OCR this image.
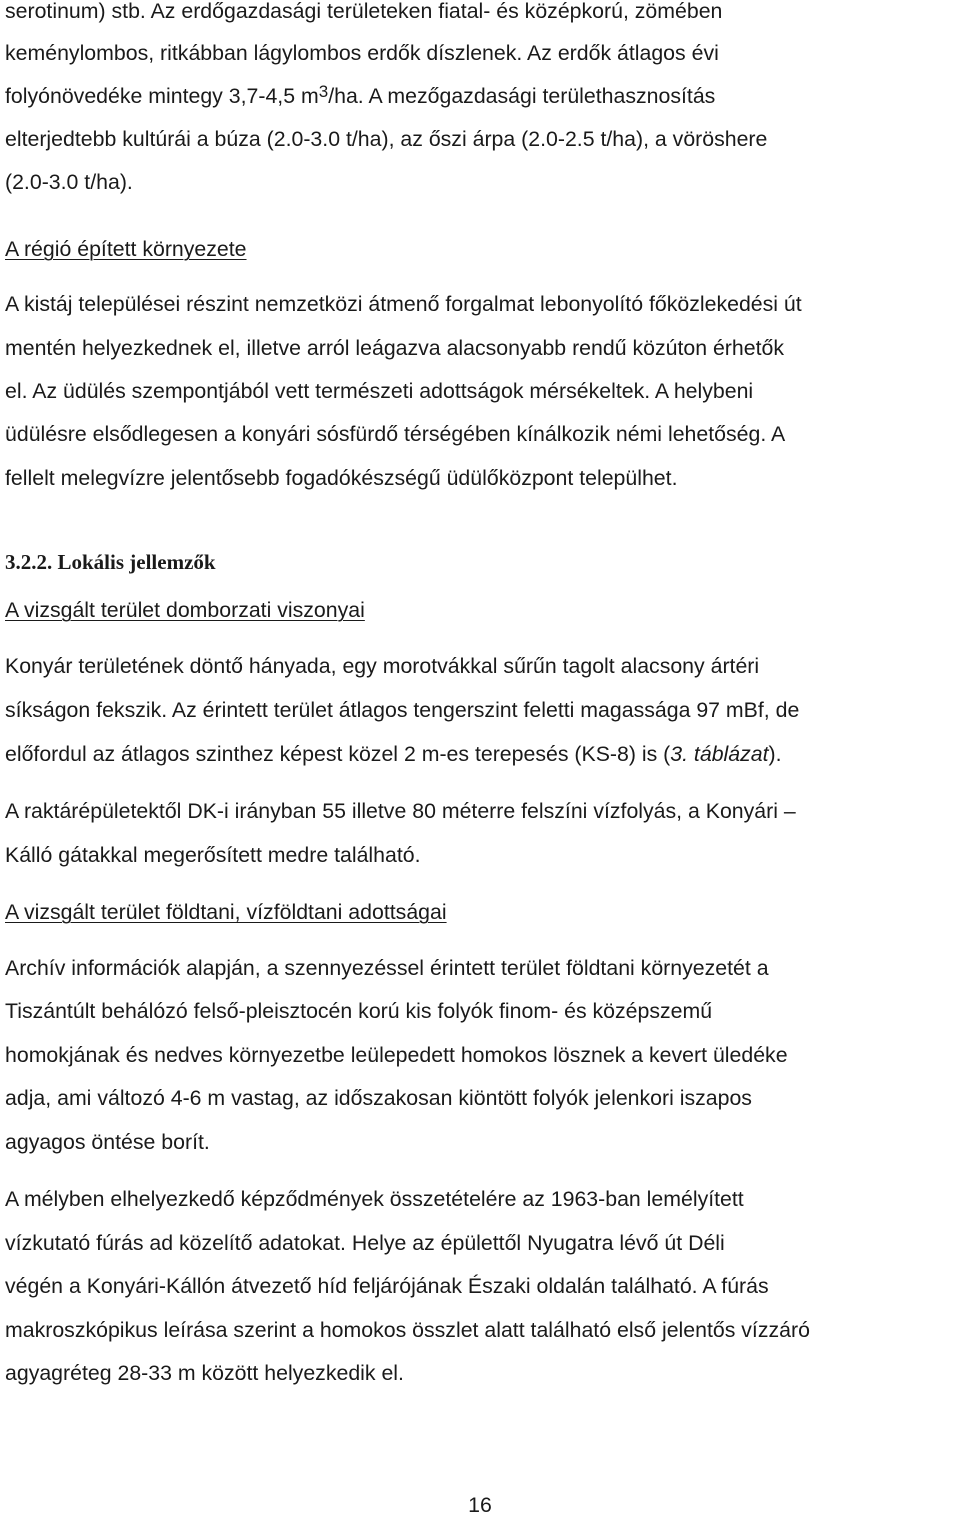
serotinum) stb. Az erdőgazdasági területeken fiatal- és középkorú, zömében

keménylombos, ritkábban lágylombos erdők díszlenek. Az erdők átlagos évi

folyónövedéke mintegy 3,7-4,5 $m^3/ha$. A mezőgazdasági területhasznosítás

elterjedtebb kultúrái a búza (2.0-3.0 t/ha), az őszi árpa (2.0-2.5 t/ha), a vöröshere

(2.0-3.0 t/ha).

A régió épített környezete

A kistáj települései részint nemzetközi átmenő forgalmat lebonyolító főközlekedési út

mentén helyezkednek el, illetve arról leágazva alacsonyabb rendű közúton érhetők

el. Az üdülés szempontjából vett természeti adottságok mérsékeltek. A helybeni

üdülésre elsődlegesen a konyári sósfürdő térségében kínálkozik némi lehetőség. A

fellelt melegvízre jelentősebb fogadókészségű üdülőközpont települhet.

3.2.2. Lokális jellemzők

A vizsgált terület domborzati viszonyai

Konyár területének döntő hányada, egy morotvákkal sűrűn tagolt alacsony ártéri

síkságon fekszik. Az érintett terület átlagos tengerszint feletti magassága 97 mBf, de

előfordul az átlagos szinthez képest közel 2 m-es terepesés (KS-8) is (3. táblázat).

A raktárépületektől DK-i irányban 55 illetve 80 méterre felszíni vízfolyás, a Konyári –

Kálló gátakkal megerősített medre található.

A vizsgált terület földtani, vízföldtani adottságai

Archív információk alapján, a szennyezéssel érintett terület földtani környezetét a

Tiszántúlt behálózó felső-pleisztocén korú kis folyók finom- és középszemű

homokjának és nedves környezetbe leülepedett homokos lösznek a kevert üledéke

adja, ami változó 4-6 m vastag, az időszakosan kiöntött folyók jelenkori iszapos

agyagos öntése borít.

A mélyben elhelyezkedő képződmények összetételére az 1963-ban lemélyített

vízkutató fúrás ad közelítő adatokat. Helye az épülettől Nyugatra lévő út Déli

végén a Konyári-Kállón átvezető híd feljárójának Északi oldalán található. A fúrás

makroszkópikus leírása szerint a homokos összlet alatt található első jelentős vízzáró

agyagréteg 28-33 m között helyezkedik el.

16
